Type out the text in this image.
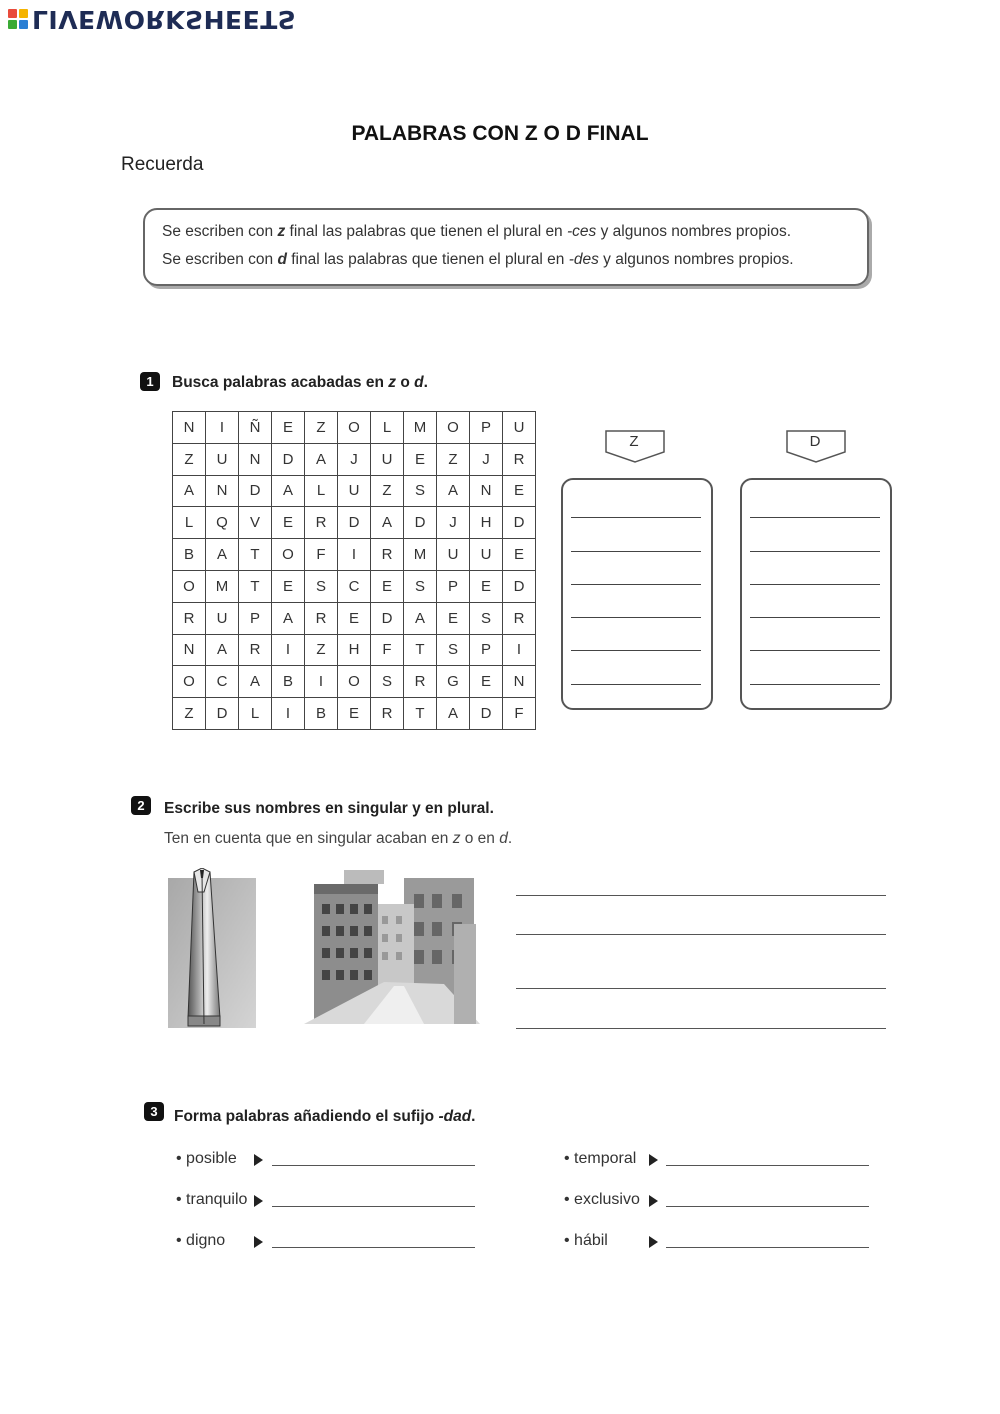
LIVEWORKSHEETS
PALABRAS CON Z O D FINAL
Recuerda
Se escriben con z final las palabras que tienen el plural en -ces y algunos nombres propios.
Se escriben con d final las palabras que tienen el plural en -des y algunos nombres propios.
1	Busca palabras acabadas en z o d.
N	I	Ñ	E	Z	O	L	M	O	P	U
Z	U	N	D	A	J	U	E	Z	J	R
A	N	D	A	L	U	Z	S	A	N	E
L	Q	V	E	R	D	A	D	J	H	D
B	A	T	O	F	I	R	M	U	U	E
O	M	T	E	S	C	E	S	P	E	D
R	U	P	A	R	E	D	A	E	S	R
N	A	R	I	Z	H	F	T	S	P	I
O	C	A	B	I	O	S	R	G	E	N
Z	D	L	I	B	E	R	T	A	D	F
Z	D
2	Escribe sus nombres en singular y en plural.
Ten en cuenta que en singular acaban en z o en d.
3	Forma palabras añadiendo el sufijo -dad.
• posible
• tranquilo
• digno
• temporal
• exclusivo
• hábil
